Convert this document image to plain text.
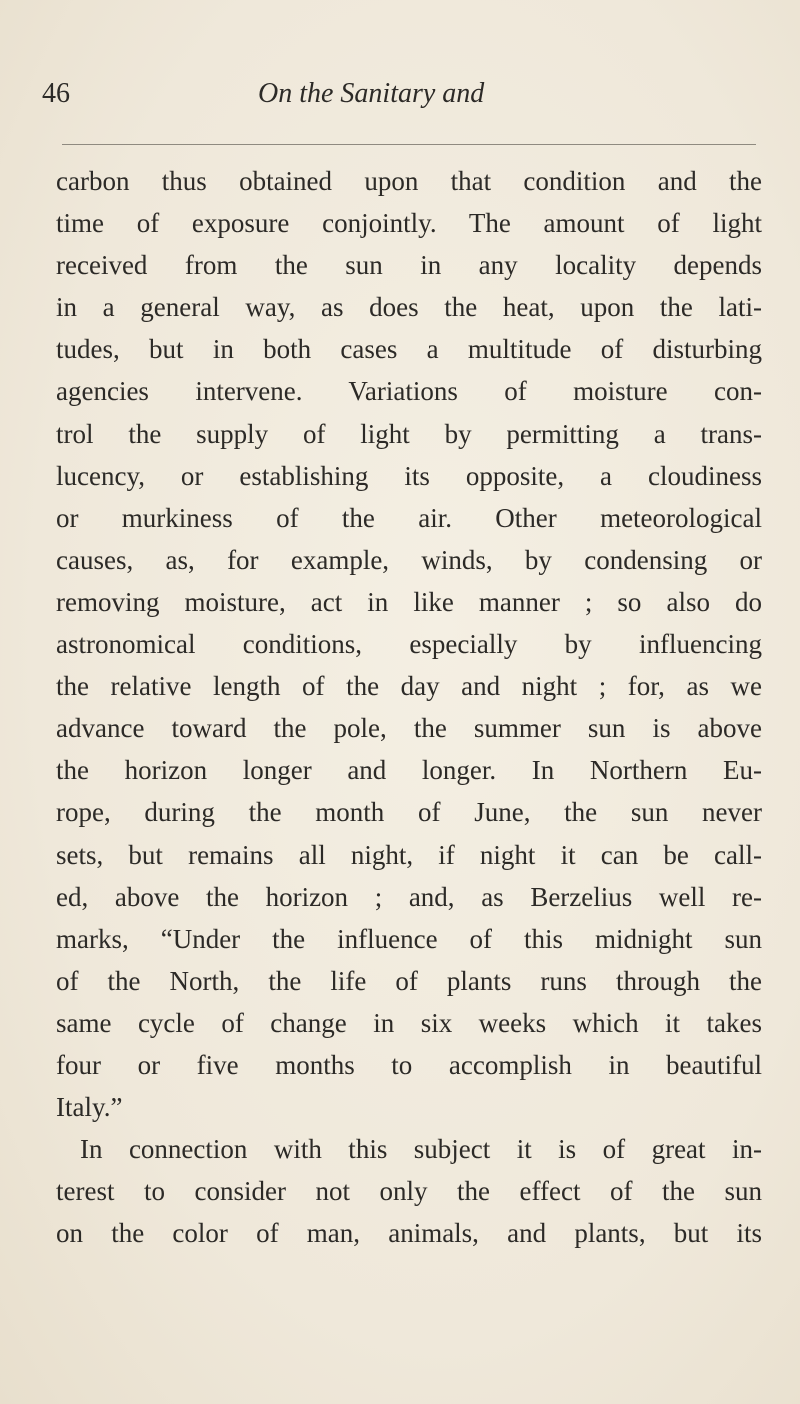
46	On the Sanitary and
carbon thus obtained upon that condition and the
time of exposure conjointly. The amount of light
received from the sun in any locality depends
in a general way, as does the heat, upon the lati-
tudes, but in both cases a multitude of disturbing
agencies intervene. Variations of moisture con-
trol the supply of light by permitting a trans-
lucency, or establishing its opposite, a cloudiness
or murkiness of the air. Other meteorological
causes, as, for example, winds, by condensing or
removing moisture, act in like manner ; so also do
astronomical conditions, especially by influencing
the relative length of the day and night ; for, as we
advance toward the pole, the summer sun is above
the horizon longer and longer. In Northern Eu-
rope, during the month of June, the sun never
sets, but remains all night, if night it can be call-
ed, above the horizon ; and, as Berzelius well re-
marks, “Under the influence of this midnight sun
of the North, the life of plants runs through the
same cycle of change in six weeks which it takes
four or five months to accomplish in beautiful
Italy.”
In connection with this subject it is of great in-
terest to consider not only the effect of the sun
on the color of man, animals, and plants, but its
